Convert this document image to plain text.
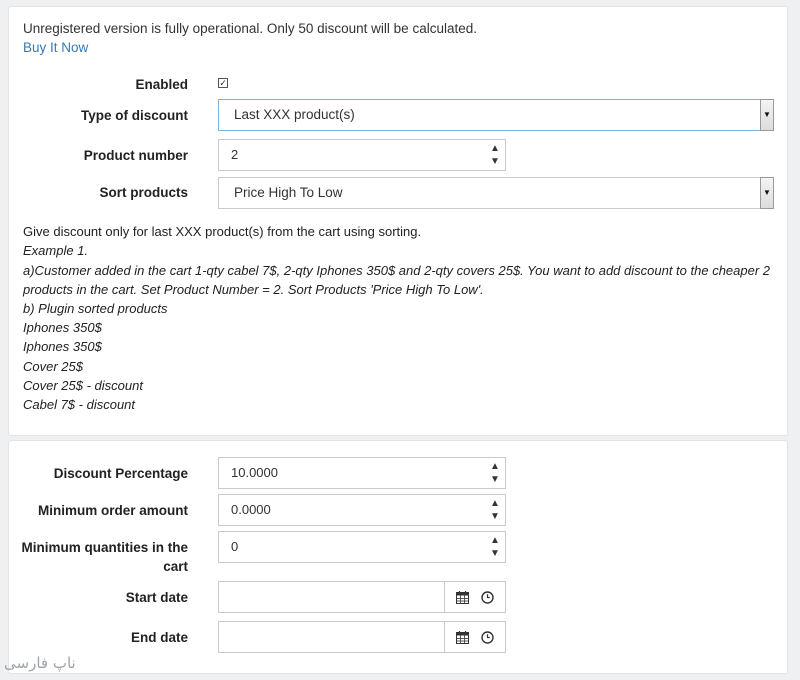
Unregistered version is fully operational. Only 50 discount will be calculated.
Buy It Now
Enabled	✓
Type of discount	Last XXX product(s)	▼
Product number	2	▲
▼
Sort products	Price High To Low	▼
Give discount only for last XXX product(s) from the cart using sorting.
Example 1.
a)Customer added in the cart 1-qty cabel 7$, 2-qty Iphones 350$ and 2-qty covers 25$. You want to add discount to the cheaper 2
products in the cart. Set Product Number = 2. Sort Products 'Price High To Low'.
b) Plugin sorted products
Iphones 350$
Iphones 350$
Cover 25$
Cover 25$ - discount
Cabel 7$ - discount
Discount Percentage	10.0000	▲
▼
Minimum order amount	0.0000	▲
▼
Minimum quantities in the
cart
0	▲
▼
Start date
End date
ناپ فارسی
